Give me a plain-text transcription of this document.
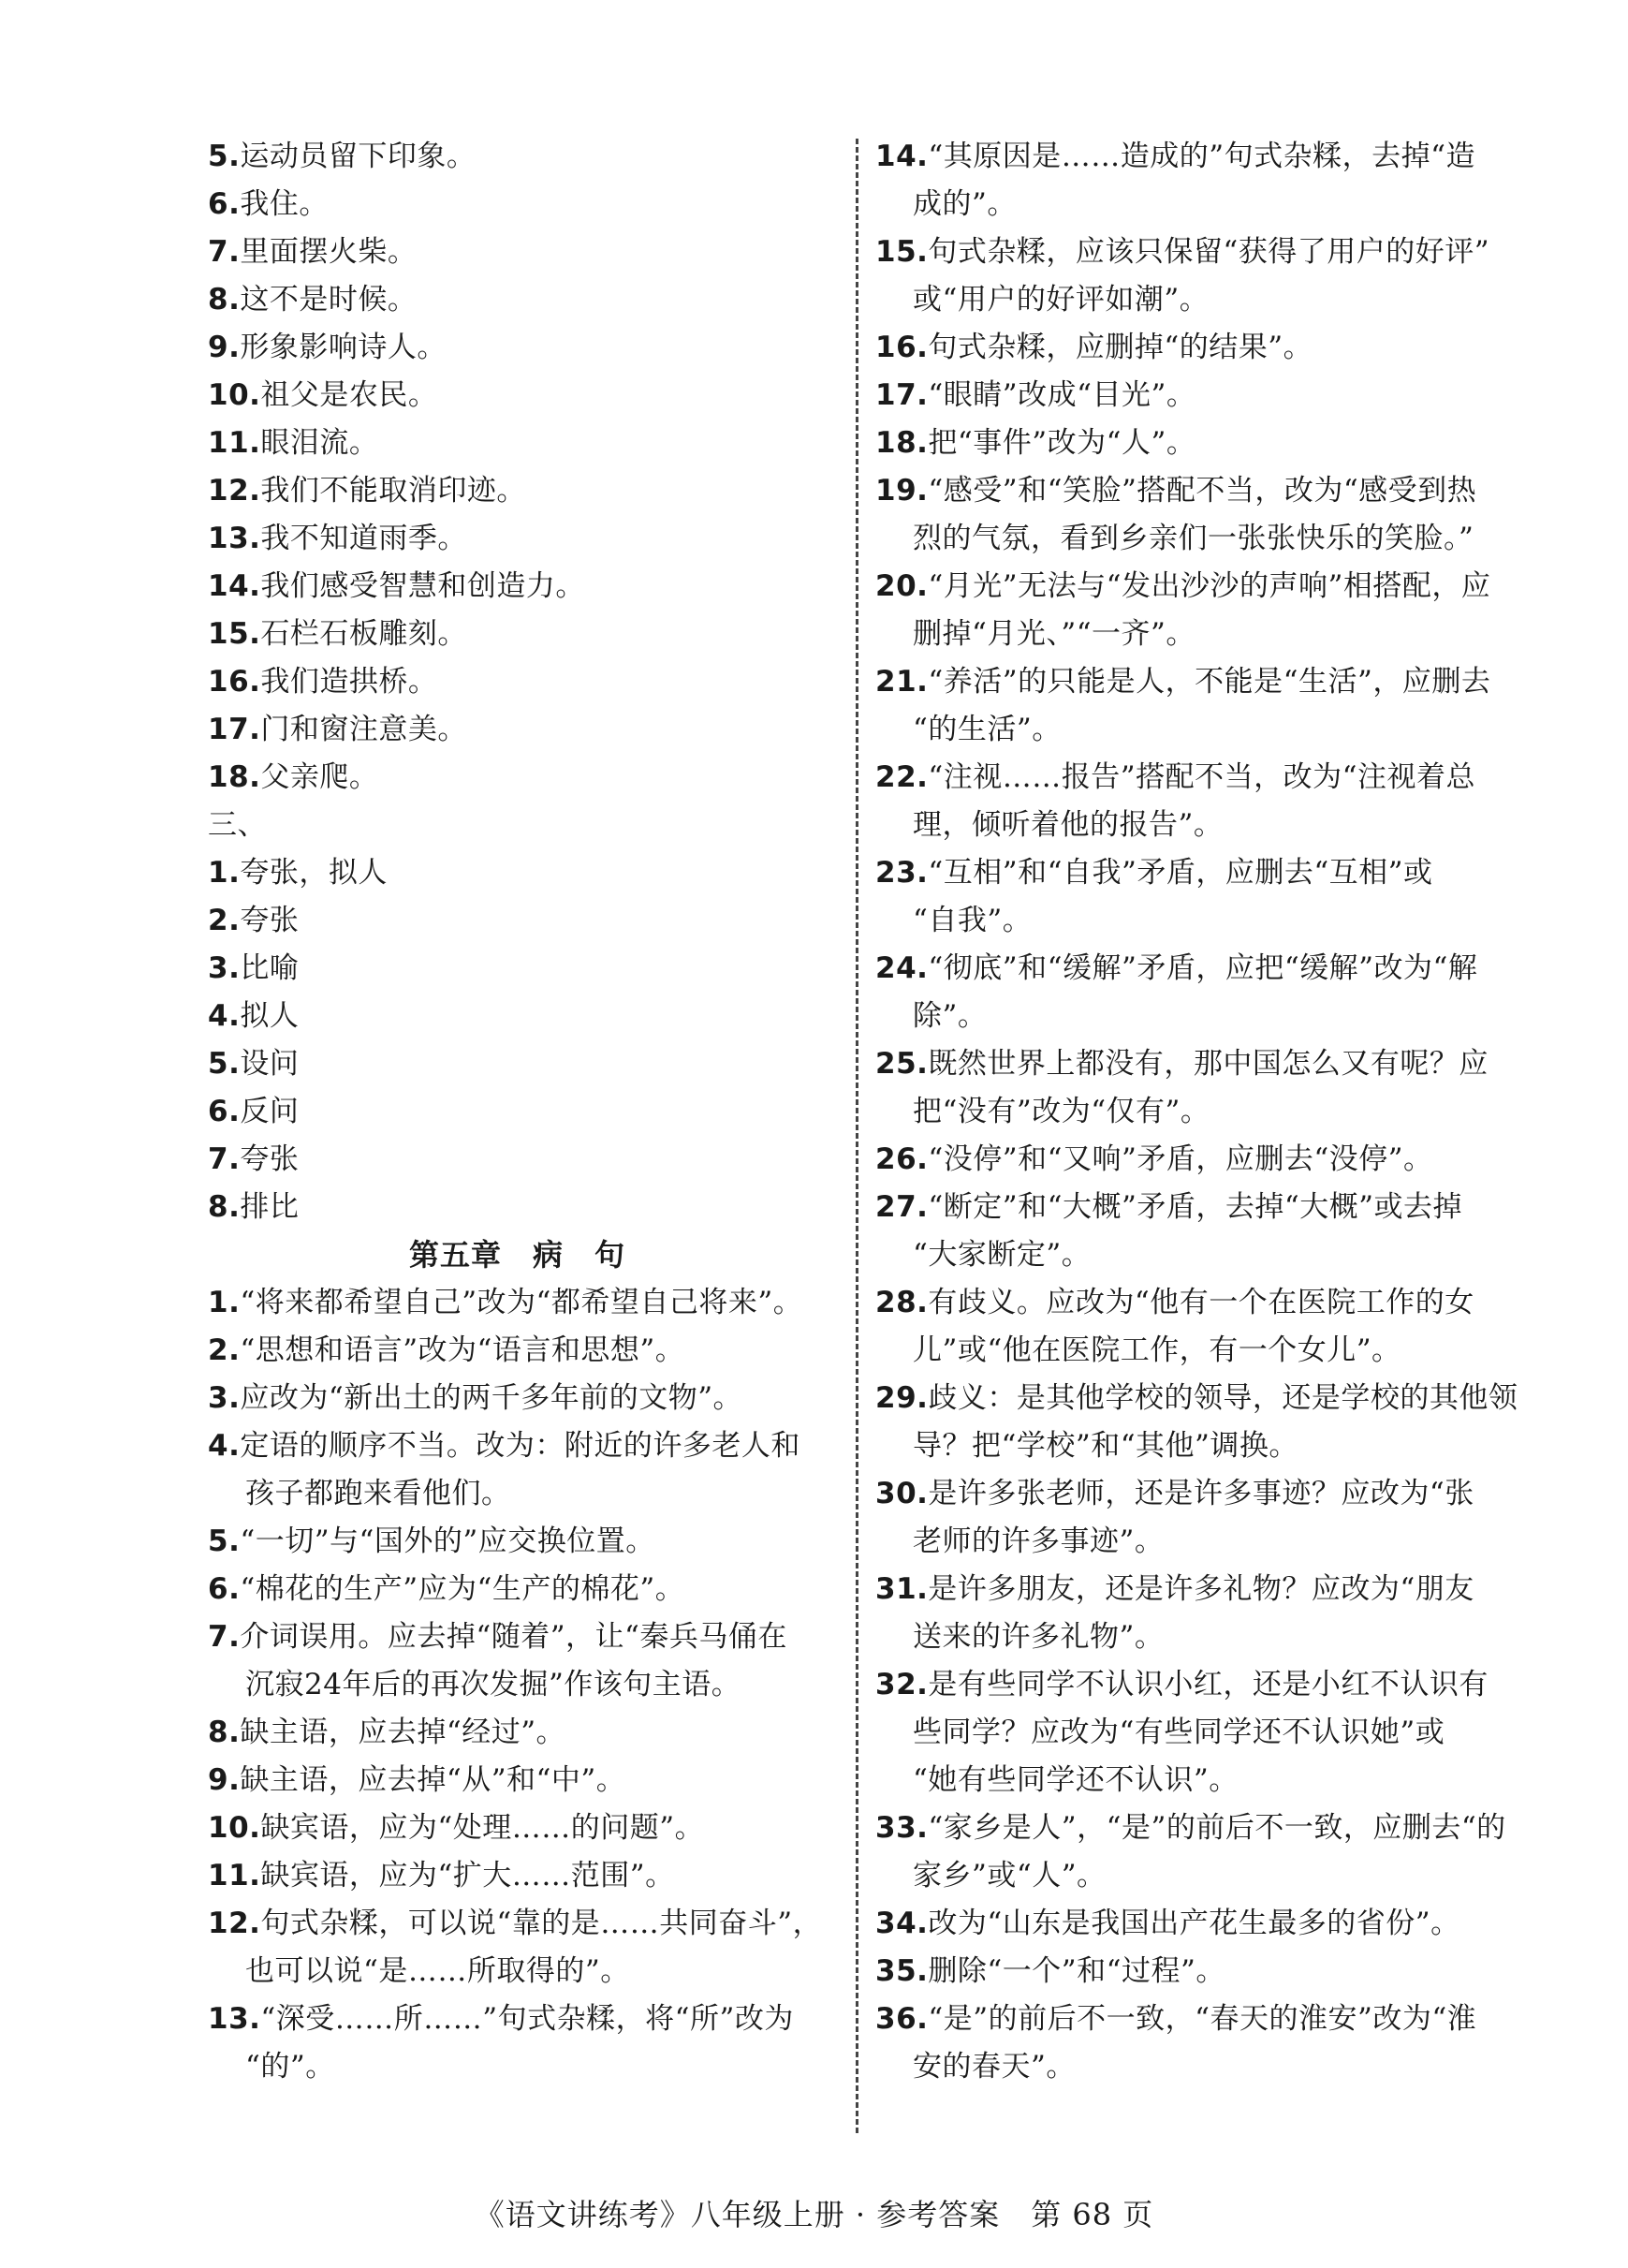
5.运动员留下印象。
6.我住。
7.里面摆火柴。
8.这不是时候。
9.形象影响诗人。
10.祖父是农民。
11.眼泪流。
12.我们不能取消印迹。
13.我不知道雨季。
14.我们感受智慧和创造力。
15.石栏石板雕刻。
16.我们造拱桥。
17.门和窗注意美。
18.父亲爬。
三、
1.夸张，拟人
2.夸张
3.比喻
4.拟人
5.设问
6.反问
7.夸张
8.排比
第五章　病　句
1.“将来都希望自己”改为“都希望自己将来”。
2.“思想和语言”改为“语言和思想”。
3.应改为“新出土的两千多年前的文物”。
4.定语的顺序不当。改为：附近的许多老人和
孩子都跑来看他们。
5.“一切”与“国外的”应交换位置。
6.“棉花的生产”应为“生产的棉花”。
7.介词误用。应去掉“随着”，让“秦兵马俑在
沉寂24年后的再次发掘”作该句主语。
8.缺主语，应去掉“经过”。
9.缺主语，应去掉“从”和“中”。
10.缺宾语，应为“处理……的问题”。
11.缺宾语，应为“扩大……范围”。
12.句式杂糅，可以说“靠的是……共同奋斗”，
也可以说“是……所取得的”。
13.“深受……所……”句式杂糅，将“所”改为
“的”。
14.“其原因是……造成的”句式杂糅，去掉“造
成的”。
15.句式杂糅，应该只保留“获得了用户的好评”
或“用户的好评如潮”。
16.句式杂糅，应删掉“的结果”。
17.“眼睛”改成“目光”。
18.把“事件”改为“人”。
19.“感受”和“笑脸”搭配不当，改为“感受到热
烈的气氛，看到乡亲们一张张快乐的笑脸。”
20.“月光”无法与“发出沙沙的声响”相搭配，应
删掉“月光、”“一齐”。
21.“养活”的只能是人，不能是“生活”，应删去
“的生活”。
22.“注视……报告”搭配不当，改为“注视着总
理，倾听着他的报告”。
23.“互相”和“自我”矛盾，应删去“互相”或
“自我”。
24.“彻底”和“缓解”矛盾，应把“缓解”改为“解
除”。
25.既然世界上都没有，那中国怎么又有呢？应
把“没有”改为“仅有”。
26.“没停”和“又响”矛盾，应删去“没停”。
27.“断定”和“大概”矛盾，去掉“大概”或去掉
“大家断定”。
28.有歧义。应改为“他有一个在医院工作的女
儿”或“他在医院工作，有一个女儿”。
29.歧义：是其他学校的领导，还是学校的其他领
导？把“学校”和“其他”调换。
30.是许多张老师，还是许多事迹？应改为“张
老师的许多事迹”。
31.是许多朋友，还是许多礼物？应改为“朋友
送来的许多礼物”。
32.是有些同学不认识小红，还是小红不认识有
些同学？应改为“有些同学还不认识她”或
“她有些同学还不认识”。
33.“家乡是人”，“是”的前后不一致，应删去“的
家乡”或“人”。
34.改为“山东是我国出产花生最多的省份”。
35.删除“一个”和“过程”。
36.“是”的前后不一致，“春天的淮安”改为“淮
安的春天”。
《语文讲练考》八年级上册 · 参考答案　第 68 页
